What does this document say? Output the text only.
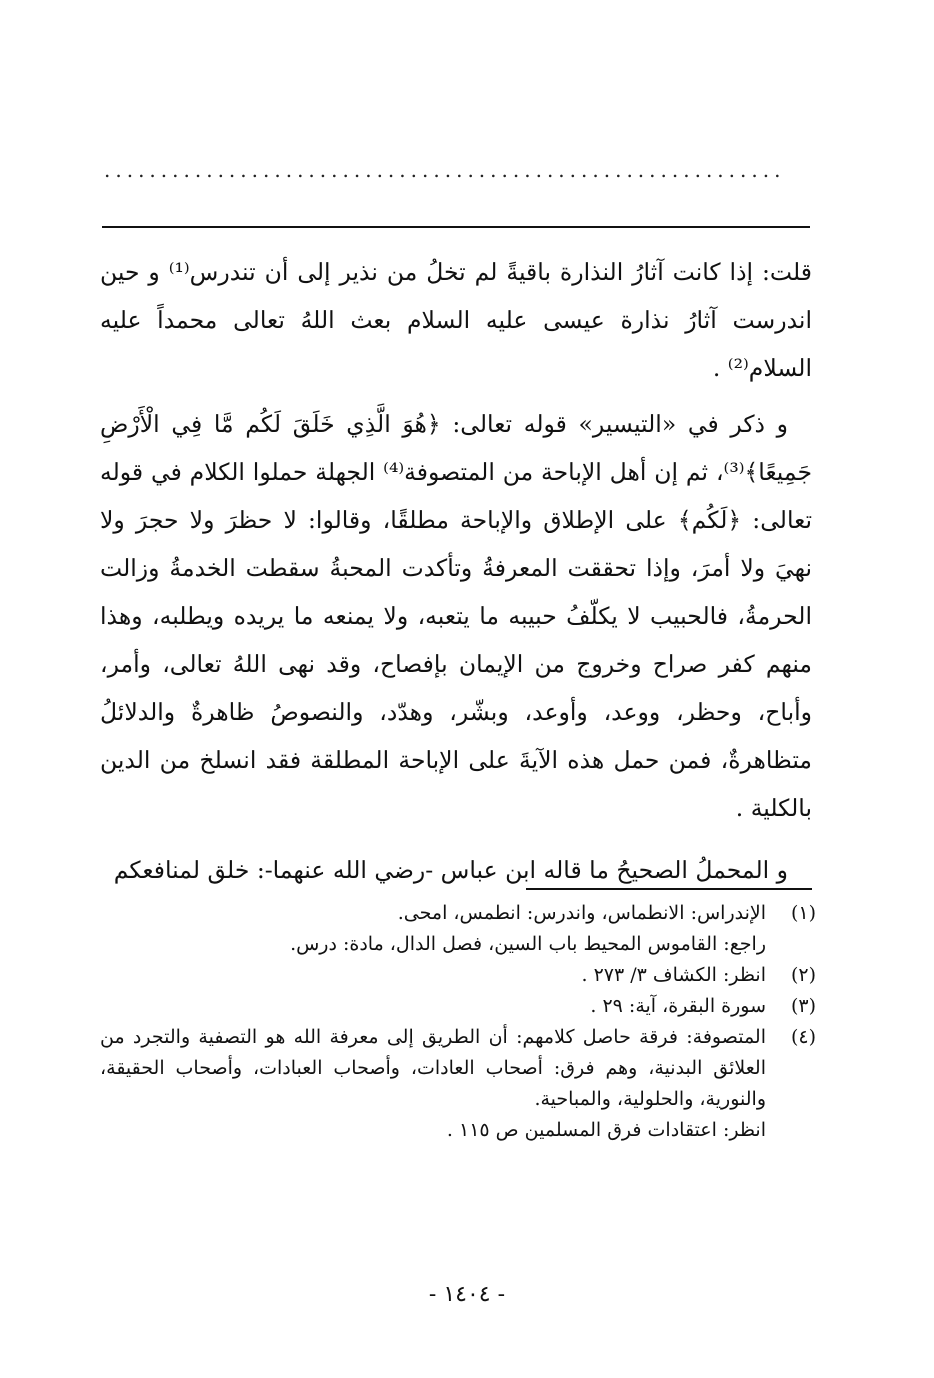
............................................................

قلت: إذا كانت آثارُ النذارة باقيةً لم تخلُ من نذير إلى أن تندرس⁽¹⁾ و حين اندرست آثارُ نذارة عيسى عليه السلام بعث اللهُ تعالى محمداً عليه السلام⁽²⁾ .

و ذكر في «التيسير» قوله تعالى: ﴿هُوَ الَّذِي خَلَقَ لَكُم مَّا فِي الْأَرْضِ جَمِيعًا﴾⁽³⁾، ثم إن أهل الإباحة من المتصوفة⁽⁴⁾ الجهلة حملوا الكلام في قوله تعالى: ﴿لَكُم﴾ على الإطلاق والإباحة مطلقًا، وقالوا: لا حظرَ ولا حجرَ ولا نهيَ ولا أمرَ، وإذا تحققت المعرفةُ وتأكدت المحبةُ سقطت الخدمةُ وزالت الحرمةُ، فالحبيب لا يكلّفُ حبيبه ما يتعبه، ولا يمنعه ما يريده ويطلبه، وهذا منهم كفر صراح وخروج من الإيمان بإفصاح، وقد نهى اللهُ تعالى، وأمر، وأباح، وحظر، ووعد، وأوعد، وبشّر، وهدّد، والنصوصُ ظاهرةٌ والدلائلُ متظاهرةٌ، فمن حمل هذه الآيةَ على الإباحة المطلقة فقد انسلخ من الدين بالكلية .

و المحملُ الصحيحُ ما قاله ابن عباس -رضي الله عنهما-: خلق لمنافعكم

(١)
الإندراس: الانطماس، واندرس: انطمس، امحى.
راجع: القاموس المحيط باب السين، فصل الدال، مادة: درس.
(٢)
انظر: الكشاف ٣/ ٢٧٣ .
(٣)
سورة البقرة، آية: ٢٩ .
(٤)
المتصوفة: فرقة حاصل كلامهم: أن الطريق إلى معرفة الله هو التصفية والتجرد من العلائق البدنية، وهم فرق: أصحاب العادات، وأصحاب العبادات، وأصحاب الحقيقة، والنورية، والحلولية، والمباحية.
انظر: اعتقادات فرق المسلمين ص ١١٥ .
- ١٤٠٤ -
